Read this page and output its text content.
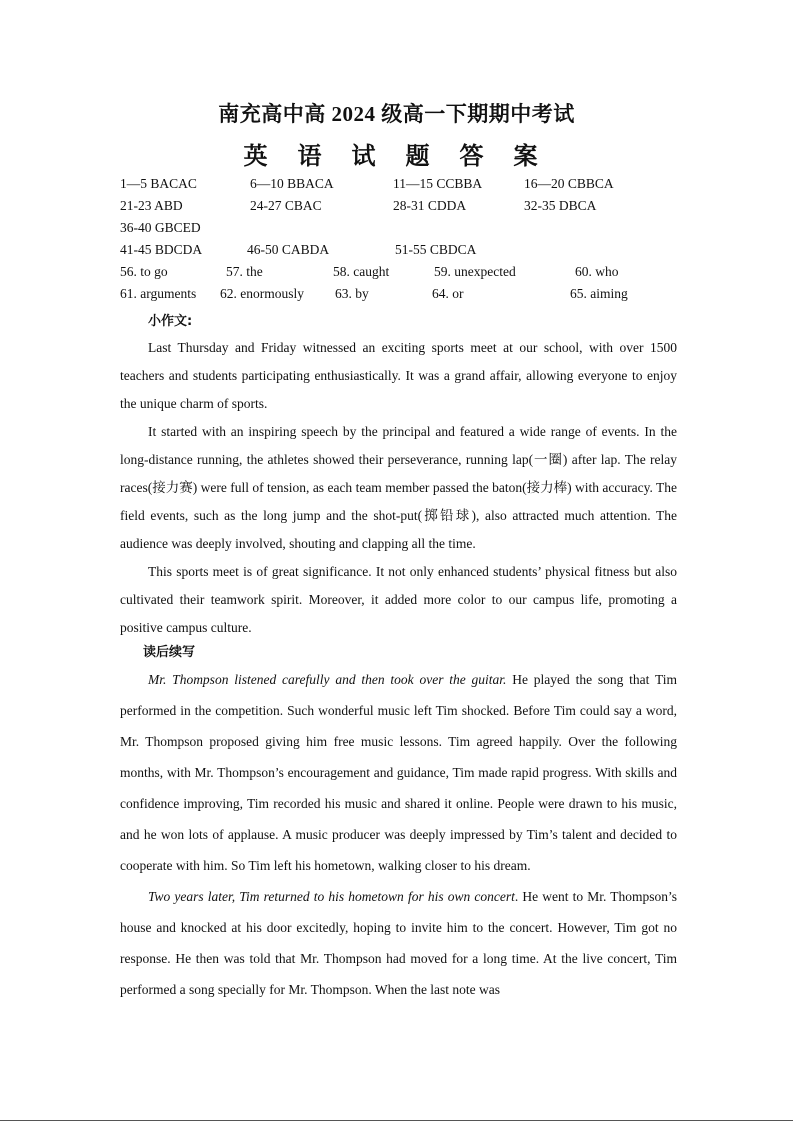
南充高中高 2024 级高一下期期中考试
英 语 试 题 答 案
1—5 BACAC	6—10 BBACA	11—15 CCBBA	16—20 CBBCA
21-23 ABD	24-27 CBAC	28-31 CDDA	32-35 DBCA
36-40 GBCED
41-45 BDCDA	46-50 CABDA	51-55 CBDCA
56. to go	57. the	58. caught	59. unexpected	60. who
61. arguments 62. enormously 63. by	64. or	65. aiming
小作文:

Last Thursday and Friday witnessed an exciting sports meet at our school, with over 1500 teachers and students participating enthusiastically. It was a grand affair, allowing everyone to enjoy the unique charm of sports.

It started with an inspiring speech by the principal and featured a wide range of events. In the long-distance running, the athletes showed their perseverance, running lap(一圈) after lap. The relay races(接力赛) were full of tension, as each team member passed the baton(接力棒) with accuracy. The field events, such as the long jump and the shot-put(掷铅球), also attracted much attention. The audience was deeply involved, shouting and clapping all the time.

This sports meet is of great significance. It not only enhanced students’ physical fitness but also cultivated their teamwork spirit. Moreover, it added more color to our campus life, promoting a positive campus culture.

读后续写

Mr. Thompson listened carefully and then took over the guitar. He played the song that Tim performed in the competition. Such wonderful music left Tim shocked. Before Tim could say a word, Mr. Thompson proposed giving him free music lessons. Tim agreed happily. Over the following months, with Mr. Thompson’s encouragement and guidance, Tim made rapid progress. With skills and confidence improving, Tim recorded his music and shared it online. People were drawn to his music, and he won lots of applause. A music producer was deeply impressed by Tim’s talent and decided to cooperate with him. So Tim left his hometown, walking closer to his dream.

Two years later, Tim returned to his hometown for his own concert. He went to Mr. Thompson’s house and knocked at his door excitedly, hoping to invite him to the concert. However, Tim got no response. He then was told that Mr. Thompson had moved for a long time. At the live concert, Tim performed a song specially for Mr. Thompson. When the last note was
